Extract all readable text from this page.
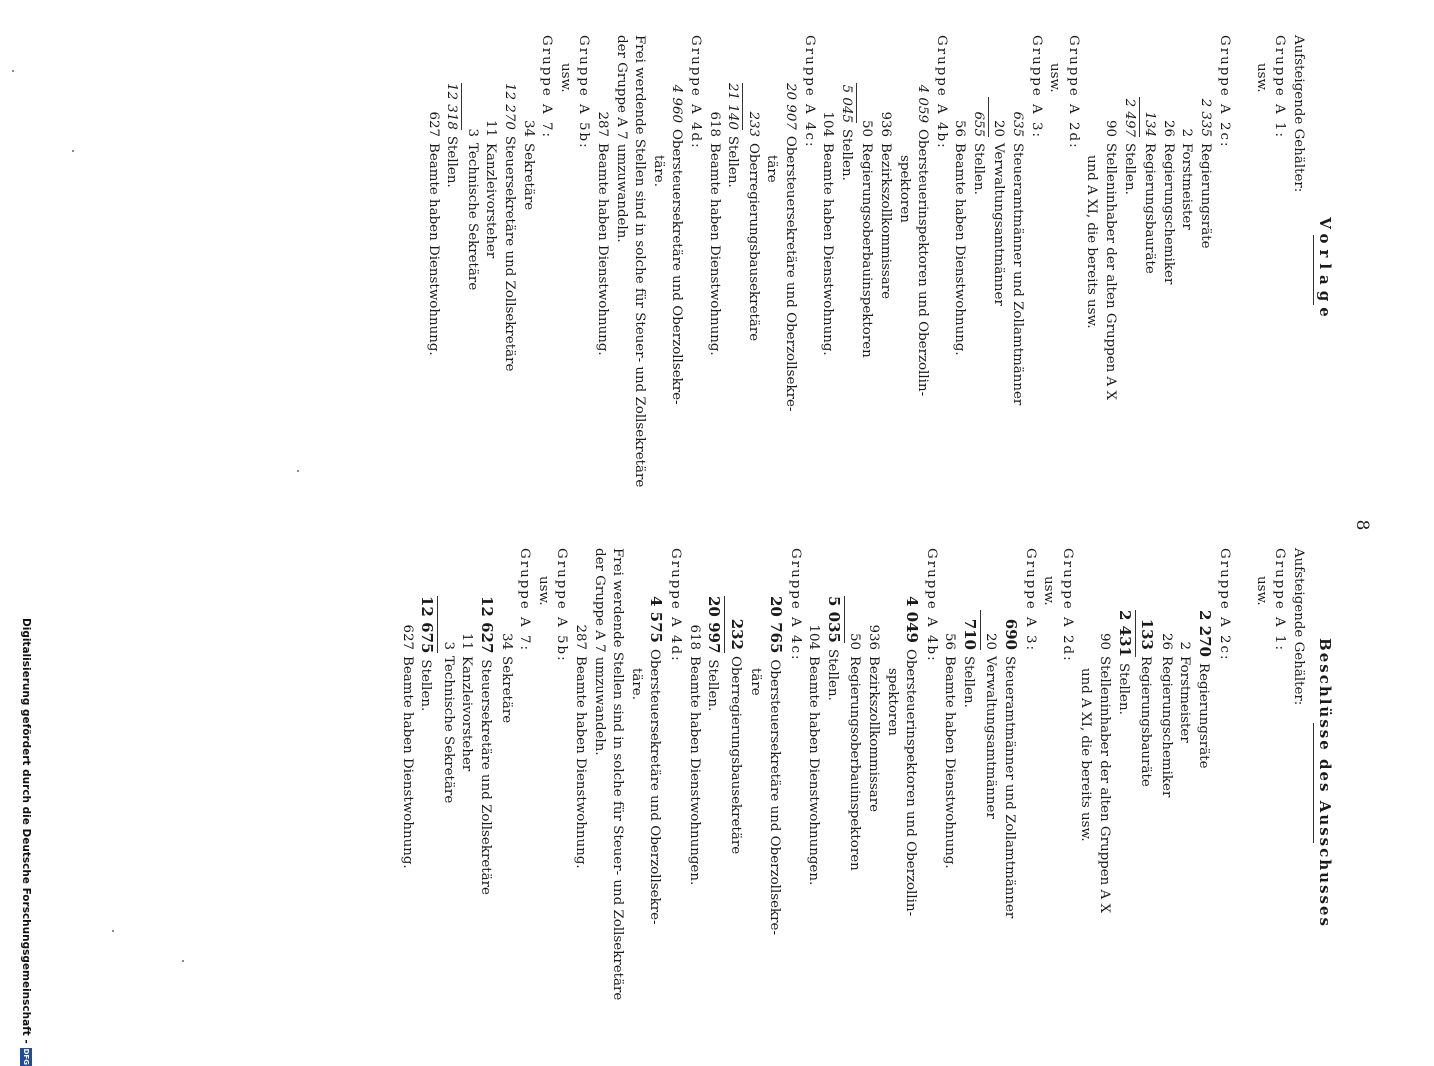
8
Vorlage
Aufsteigende Gehälter:
Gruppe A 1:
usw.
Gruppe A 2c:
2 335Regierungsräte
2Forstmeister
26Regierungschemiker
134Regierungsbauräte
2 497Stellen.
90Stelleninhaber der alten Gruppen A X
und A XI, die bereits usw.
Gruppe A 2d:
usw.
Gruppe A 3:
635Steueramtmänner und Zollamtmänner
20Verwaltungsamtmänner
655Stellen.
56Beamte haben Dienstwohnung.
Gruppe A 4b:
4 059Obersteuerinspektoren und Oberzollin-
spektoren
936Bezirkszollkommissare
50Regierungsoberbauinspektoren
5 045Stellen.
104Beamte haben Dienstwohnung.
Gruppe A 4c:
20 907Obersteuersekretäre und Oberzollsekre-
täre
233Oberregierungsbausekretäre
21 140Stellen.
618Beamte haben Dienstwohnung.
Gruppe A 4d:
4 960Obersteuersekretäre und Oberzollsekre-
täre.
Frei werdende Stellen sind in solche für Steuer- und Zollsekretäre der Gruppe A 7 umzuwandeln.
287Beamte haben Dienstwohnung.
Gruppe A 5b:
usw.
Gruppe A 7:
34Sekretäre
12 270Steuersekretäre und Zollsekretäre
11Kanzleivorsteher
3Technische Sekretäre
12 318Stellen.
627Beamte haben Dienstwohnung.
Beschlüsse des Ausschusses
Aufsteigende Gehälter:
Gruppe A 1:
usw.
Gruppe A 2c:
2 270Regierungsräte
2Forstmeister
26Regierungschemiker
133Regierungsbauräte
2 431Stellen.
90Stelleninhaber der alten Gruppen A X
und A XI, die bereits usw.
Gruppe A 2d:
usw.
Gruppe A 3:
690Steueramtmänner und Zollamtmänner
20Verwaltungsamtmänner
710Stellen.
56Beamte haben Dienstwohnung.
Gruppe A 4b:
4 049Obersteuerinspektoren und Oberzollin-
spektoren
936Bezirkszollkommissare
50Regierungsoberbauinspektoren
5 035Stellen.
104Beamte haben Dienstwohnungen.
Gruppe A 4c:
20 765Obersteuersekretäre und Oberzollsekre-
täre
232Oberregierungsbausekretäre
20 997Stellen.
618Beamte haben Dienstwohnungen.
Gruppe A 4d:
4 575Obersteuersekretäre und Oberzollsekre-
täre.
Frei werdende Stellen sind in solche für Steuer- und Zollsekretäre der Gruppe A 7 umzuwandeln.
287Beamte haben Dienstwohnung.
Gruppe A 5b:
usw.
Gruppe A 7:
34Sekretäre
12 627Steuersekretäre und Zollsekretäre
11Kanzleivorsteher
3Technische Sekretäre
12 675Stellen.
627Beamte haben Dienstwohnung.
Digitalisierung gefördert durch die Deutsche Forschungsgemeinschaft -DFG
